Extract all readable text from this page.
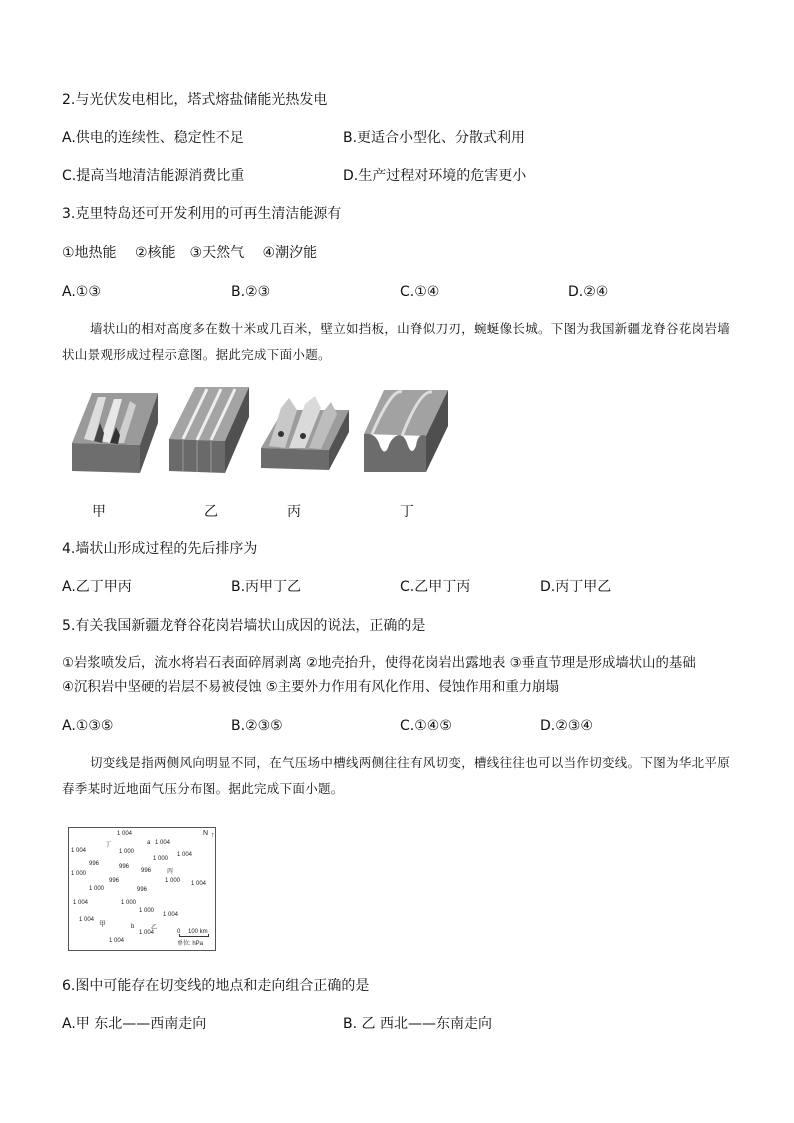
2.与光伏发电相比，塔式熔盐储能光热发电
A.供电的连续性、稳定性不足	B.更适合小型化、分散式利用
C.提高当地清洁能源消费比重	D.生产过程对环境的危害更小
3.克里特岛还可开发利用的可再生清洁能源有
①地热能　 ②核能　③天然气　 ④潮汐能
A.①③	B.②③	C.①④	D.②④
墙状山的相对高度多在数十米或几百米，壁立如挡板，山脊似刀刃，蜿蜒像长城。下图为我国新疆龙脊谷花岗岩墙状山景观形成过程示意图。据此完成下面小题。
甲	乙	丙	丁
4.墙状山形成过程的先后排序为
A.乙丁甲丙	B.丙甲丁乙	C.乙甲丁丙	D.丙丁甲乙
5.有关我国新疆龙脊谷花岗岩墙状山成因的说法，正确的是
①岩浆喷发后，流水将岩石表面碎屑剥离 ②地壳抬升，使得花岗岩出露地表 ③垂直节理是形成墙状山的基础
④沉积岩中坚硬的岩层不易被侵蚀 ⑤主要外力作用有风化作用、侵蚀作用和重力崩塌
A.①③⑤	B.②③⑤	C.①④⑤	D.②③④
切变线是指两侧风向明显不同，在气压场中槽线两侧往往有风切变，槽线往往也可以当作切变线。下图为华北平原春季某时近地面气压分布图。据此完成下面小题。
N ↑
1 004
丁	a 1 004
1 004	1 000
1 000
1 004
996	996
996	丙
1 000
996	1 000 1 004
1 000	996
1 004	1 000
1 000
1 004
1 004
甲	b
1 004
乙
1 004
0　 100 km
单位: hPa
6.图中可能存在切变线的地点和走向组合正确的是
A.甲 东北——西南走向	B. 乙 西北——东南走向
